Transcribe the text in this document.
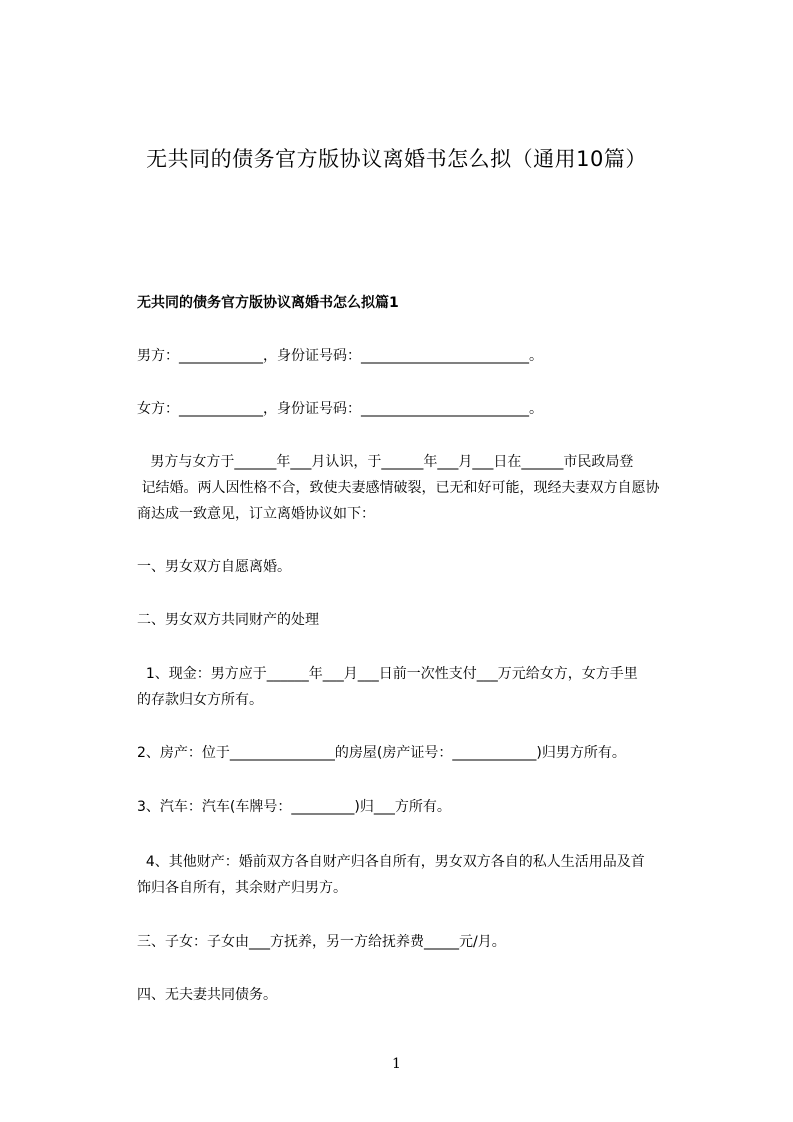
无共同的债务官方版协议离婚书怎么拟（通用10篇）

无共同的债务官方版协议离婚书怎么拟篇1

男方：____________，身份证号码：________________________。

女方：____________，身份证号码：________________________。

男方与女方于______年___月认识，于______年___月___日在______市民政局登

记结婚。两人因性格不合，致使夫妻感情破裂，已无和好可能，现经夫妻双方自愿协

商达成一致意见，订立离婚协议如下：

一、男女双方自愿离婚。

二、男女双方共同财产的处理

1、现金：男方应于______年___月___日前一次性支付___万元给女方，女方手里

的存款归女方所有。

2、房产：位于_______________的房屋(房产证号：____________)归男方所有。

3、汽车：汽车(车牌号：_________)归___方所有。

4、其他财产：婚前双方各自财产归各自所有，男女双方各自的私人生活用品及首

饰归各自所有，其余财产归男方。

三、子女：子女由___方抚养，另一方给抚养费_____元/月。

四、无夫妻共同债务。

1
